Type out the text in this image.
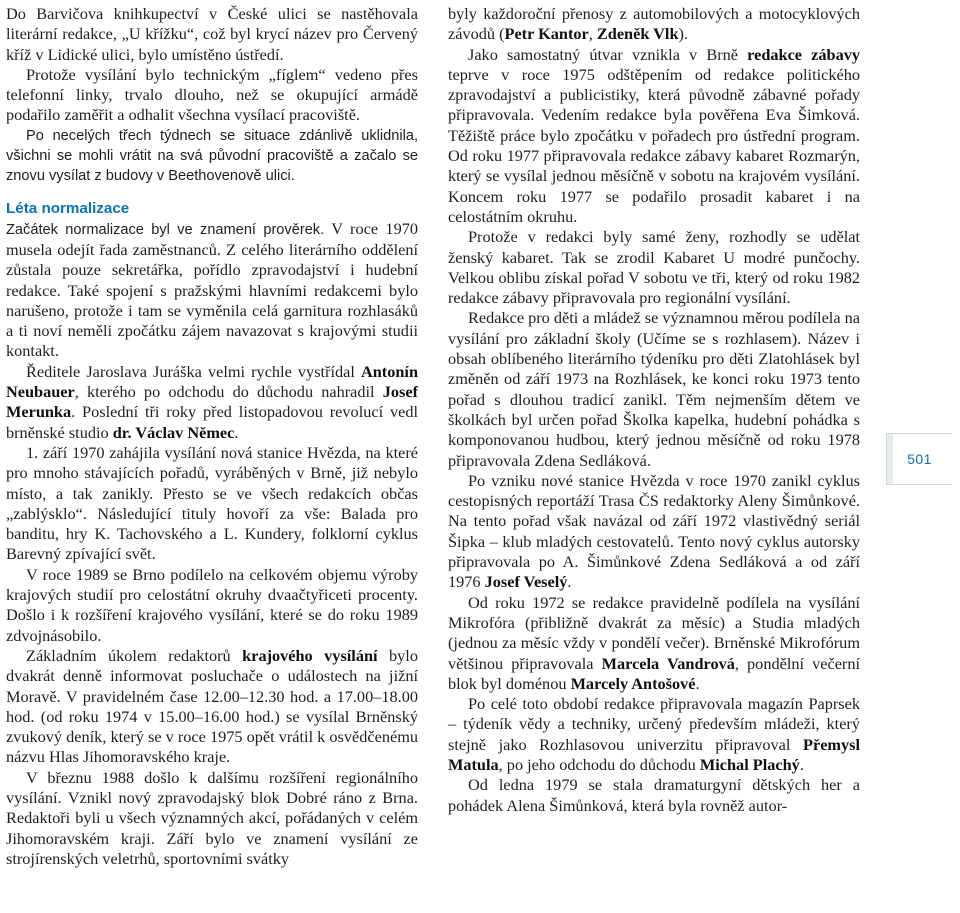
Do Barvičova knihkupectví v České ulici se nastěhovala literární redakce, „U křížku“, což byl krycí název pro Červený kříž v Lidické ulici, bylo umístěno ústředí.

Protože vysílání bylo technickým „fíglem“ vedeno přes telefonní linky, trvalo dlouho, než se okupující armádě podařilo zaměřit a odhalit všechna vysílací pracoviště.

Po necelých třech týdnech se situace zdánlivě uklidnila, všichni se mohli vrátit na svá původní pracoviště a začalo se znovu vysílat z budovy v Beethovenově ulici.

Léta normalizace

Začátek normalizace byl ve znamení prověrek. V roce 1970 musela odejít řada zaměstnanců. Z celého literárního oddělení zůstala pouze sekretářka, pořídlo zpravodajství i hudební redakce. Také spojení s pražskými hlavními redakcemi bylo narušeno, protože i tam se vyměnila celá garnitura rozhlasáků a ti noví neměli zpočátku zájem navazovat s krajovými studii kontakt.

Ředitele Jaroslava Juráška velmi rychle vystřídal Antonín Neubauer, kterého po odchodu do důchodu nahradil Josef Merunka. Poslední tři roky před listopadovou revolucí vedl brněnské studio dr. Václav Němec.

1. září 1970 zahájila vysílání nová stanice Hvězda, na které pro mnoho stávajících pořadů, vyráběných v Brně, již nebylo místo, a tak zanikly. Přesto se ve všech redakcích občas „zablýsklo“. Následující tituly hovoří za vše: Balada pro banditu, hry K. Tachovského a L. Kundery, folklorní cyklus Barevný zpívající svět.

V roce 1989 se Brno podílelo na celkovém objemu výroby krajových studií pro celostátní okruhy dvaačtyřiceti procenty. Došlo i k rozšíření krajového vysílání, které se do roku 1989 zdvojnásobilo.

Základním úkolem redaktorů krajového vysílání bylo dvakrát denně informovat posluchače o událostech na jižní Moravě. V pravidelném čase 12.00–12.30 hod. a 17.00–18.00 hod. (od roku 1974 v 15.00–16.00 hod.) se vysílal Brněnský zvukový deník, který se v roce 1975 opět vrátil k osvědčenému názvu Hlas Jihomoravského kraje.

V březnu 1988 došlo k dalšímu rozšíření regionálního vysílání. Vznikl nový zpravodajský blok Dobré ráno z Brna. Redaktoři byli u všech významných akcí, pořádaných v celém Jihomoravském kraji. Září bylo ve znamení vysílání ze strojírenských veletrhů, sportovními svátky

byly každoroční přenosy z automobilových a motocyklových závodů (Petr Kantor, Zdeněk Vlk).

Jako samostatný útvar vznikla v Brně redakce zábavy teprve v roce 1975 odštěpením od redakce politického zpravodajství a publicistiky, která původně zábavné pořady připravovala. Vedením redakce byla pověřena Eva Šimková. Těžiště práce bylo zpočátku v pořadech pro ústřední program. Od roku 1977 připravovala redakce zábavy kabaret Rozmarýn, který se vysílal jednou měsíčně v sobotu na krajovém vysílání. Koncem roku 1977 se podařilo prosadit kabaret i na celostátním okruhu.

Protože v redakci byly samé ženy, rozhodly se udělat ženský kabaret. Tak se zrodil Kabaret U modré punčochy. Velkou oblibu získal pořad V sobotu ve tři, který od roku 1982 redakce zábavy připravovala pro regionální vysílání.

Redakce pro děti a mládež se významnou měrou podílela na vysílání pro základní školy (Učíme se s rozhlasem). Název i obsah oblíbeného literárního týdeníku pro děti Zlatohlásek byl změněn od září 1973 na Rozhlásek, ke konci roku 1973 tento pořad s dlouhou tradicí zanikl. Těm nejmenším dětem ve školkách byl určen pořad Školka kapelka, hudební pohádka s komponovanou hudbou, který jednou měsíčně od roku 1978 připravovala Zdena Sedláková.

Po vzniku nové stanice Hvězda v roce 1970 zanikl cyklus cestopisných reportáží Trasa ČS redaktorky Aleny Šimůnkové. Na tento pořad však navázal od září 1972 vlastivědný seriál Šipka – klub mladých cestovatelů. Tento nový cyklus autorsky připravovala po A. Šimůnkové Zdena Sedláková a od září 1976 Josef Veselý.

Od roku 1972 se redakce pravidelně podílela na vysílání Mikrofóra (přibližně dvakrát za měsíc) a Studia mladých (jednou za měsíc vždy v pondělí večer). Brněnské Mikrofórum většinou připravovala Marcela Vandrová, pondělní večerní blok byl doménou Marcely Antošové.

Po celé toto období redakce připravovala magazín Paprsek – týdeník vědy a techniky, určený především mládeži, který stejně jako Rozhlasovou univerzitu připravoval Přemysl Matula, po jeho odchodu do důchodu Michal Plachý.

Od ledna 1979 se stala dramaturgyní dětských her a pohádek Alena Šimůnková, která byla rovněž autor-

501
